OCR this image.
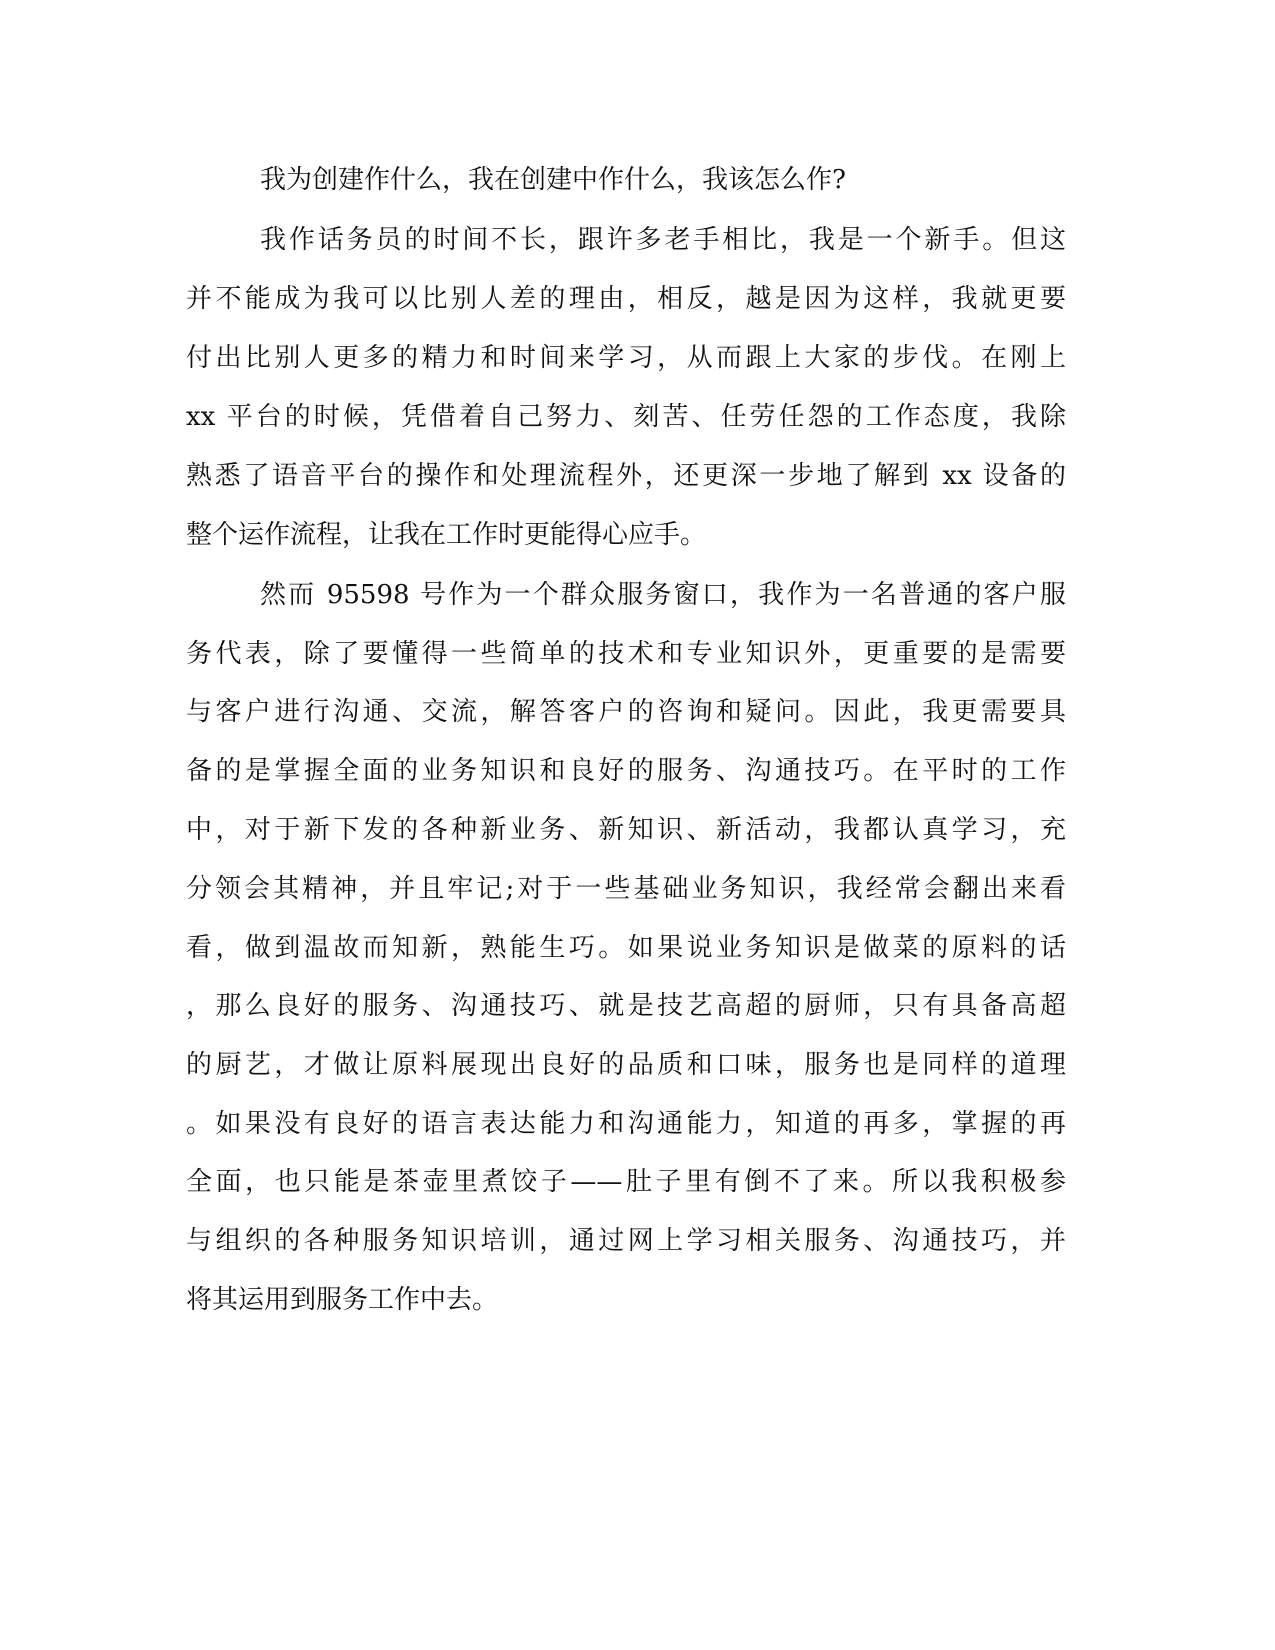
我为创建作什么，我在创建中作什么，我该怎么作?
我作话务员的时间不长，跟许多老手相比，我是一个新手。但这
并不能成为我可以比别人差的理由，相反，越是因为这样，我就更要
付出比别人更多的精力和时间来学习，从而跟上大家的步伐。在刚上
xx 平台的时候，凭借着自己努力、刻苦、任劳任怨的工作态度，我除
熟悉了语音平台的操作和处理流程外，还更深一步地了解到 xx 设备的
整个运作流程，让我在工作时更能得心应手。
然而 95598 号作为一个群众服务窗口，我作为一名普通的客户服
务代表，除了要懂得一些简单的技术和专业知识外，更重要的是需要
与客户进行沟通、交流，解答客户的咨询和疑问。因此，我更需要具
备的是掌握全面的业务知识和良好的服务、沟通技巧。在平时的工作
中，对于新下发的各种新业务、新知识、新活动，我都认真学习，充
分领会其精神，并且牢记;对于一些基础业务知识，我经常会翻出来看
看，做到温故而知新，熟能生巧。如果说业务知识是做菜的原料的话
，那么良好的服务、沟通技巧、就是技艺高超的厨师，只有具备高超
的厨艺，才做让原料展现出良好的品质和口味，服务也是同样的道理
。如果没有良好的语言表达能力和沟通能力，知道的再多，掌握的再
全面，也只能是茶壶里煮饺子——肚子里有倒不了来。所以我积极参
与组织的各种服务知识培训，通过网上学习相关服务、沟通技巧，并
将其运用到服务工作中去。
